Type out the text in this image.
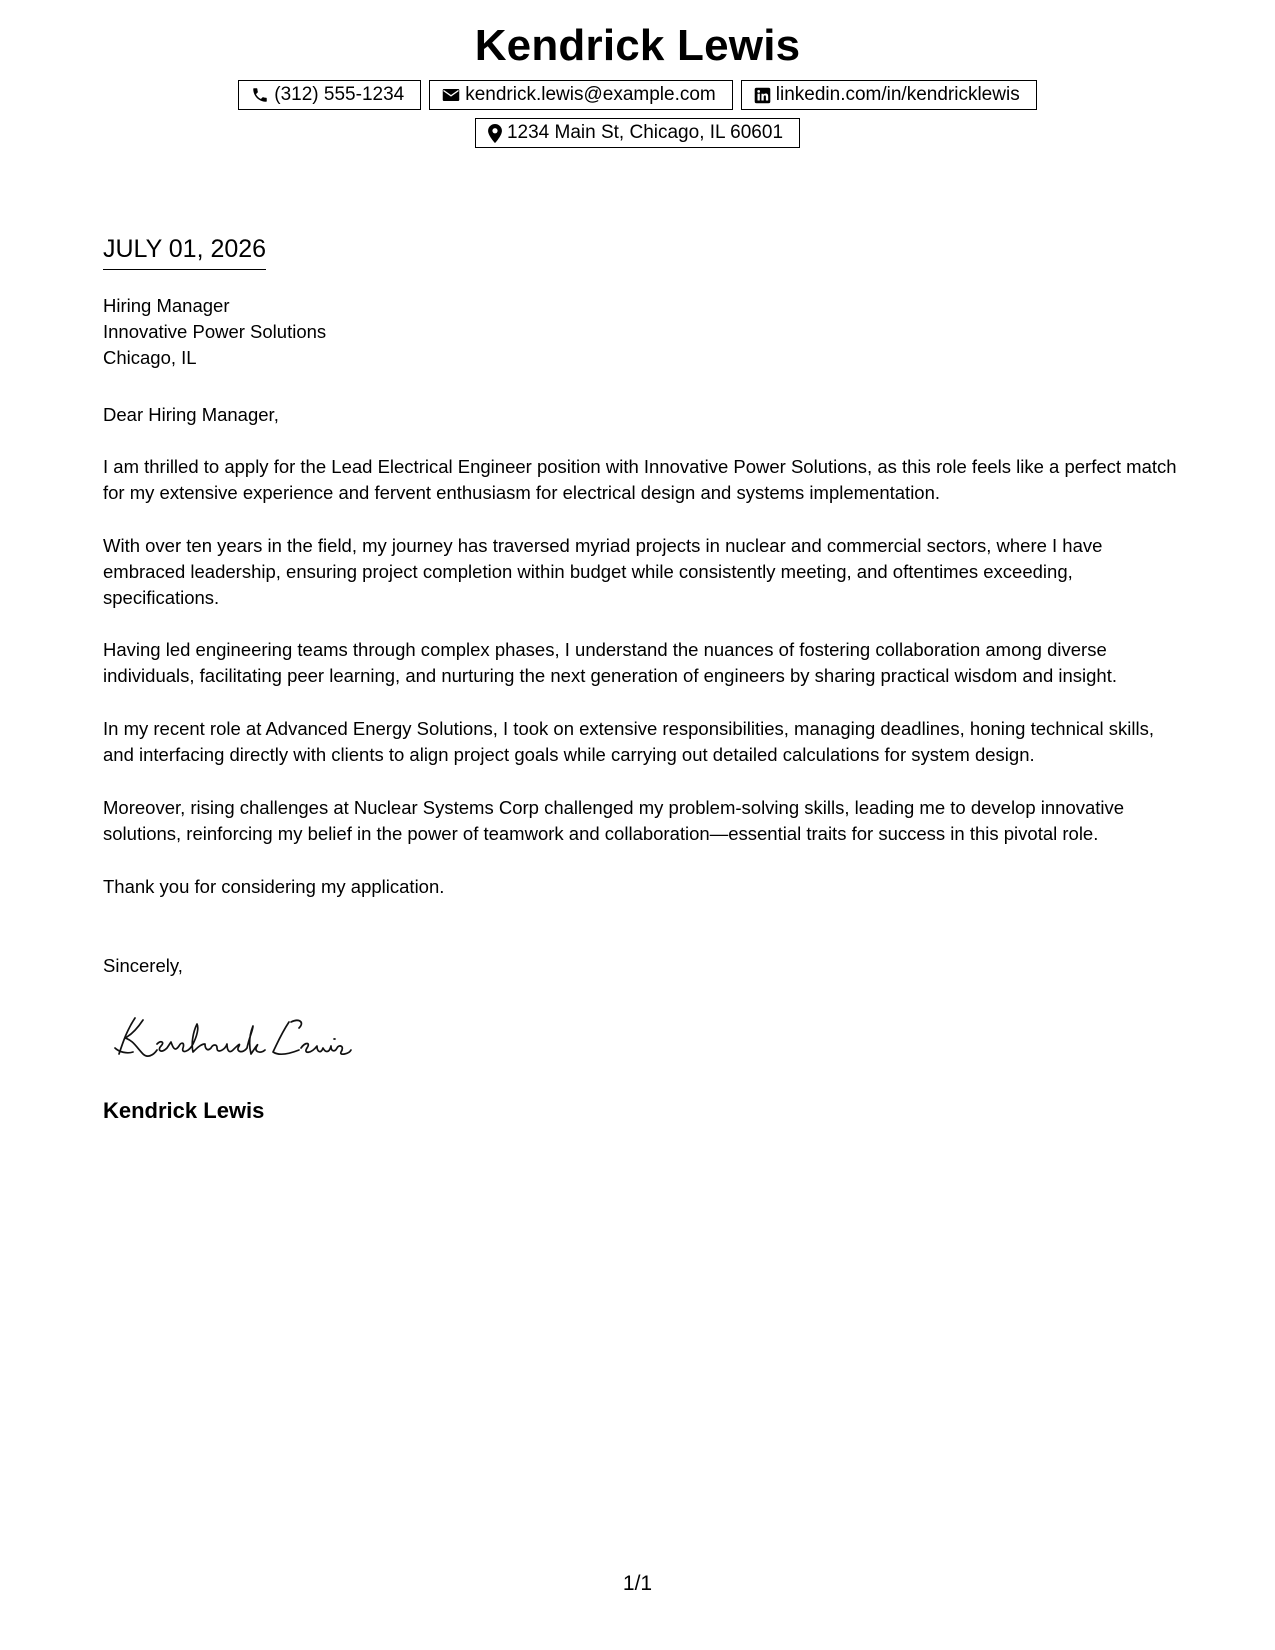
Kendrick Lewis
(312) 555-1234	kendrick.lewis@example.com	linkedin.com/in/kendricklewis
1234 Main St, Chicago, IL 60601
JULY 01, 2026
Hiring Manager
Innovative Power Solutions
Chicago, IL

Dear Hiring Manager,

I am thrilled to apply for the Lead Electrical Engineer position with Innovative Power Solutions, as this role feels like a perfect match for my extensive experience and fervent enthusiasm for electrical design and systems implementation.

With over ten years in the field, my journey has traversed myriad projects in nuclear and commercial sectors, where I have embraced leadership, ensuring project completion within budget while consistently meeting, and oftentimes exceeding, specifications.

Having led engineering teams through complex phases, I understand the nuances of fostering collaboration among diverse individuals, facilitating peer learning, and nurturing the next generation of engineers by sharing practical wisdom and insight.

In my recent role at Advanced Energy Solutions, I took on extensive responsibilities, managing deadlines, honing technical skills, and interfacing directly with clients to align project goals while carrying out detailed calculations for system design.

Moreover, rising challenges at Nuclear Systems Corp challenged my problem-solving skills, leading me to develop innovative solutions, reinforcing my belief in the power of teamwork and collaboration—essential traits for success in this pivotal role.

Thank you for considering my application.

Sincerely,

Kendrick Lewis
1/1
